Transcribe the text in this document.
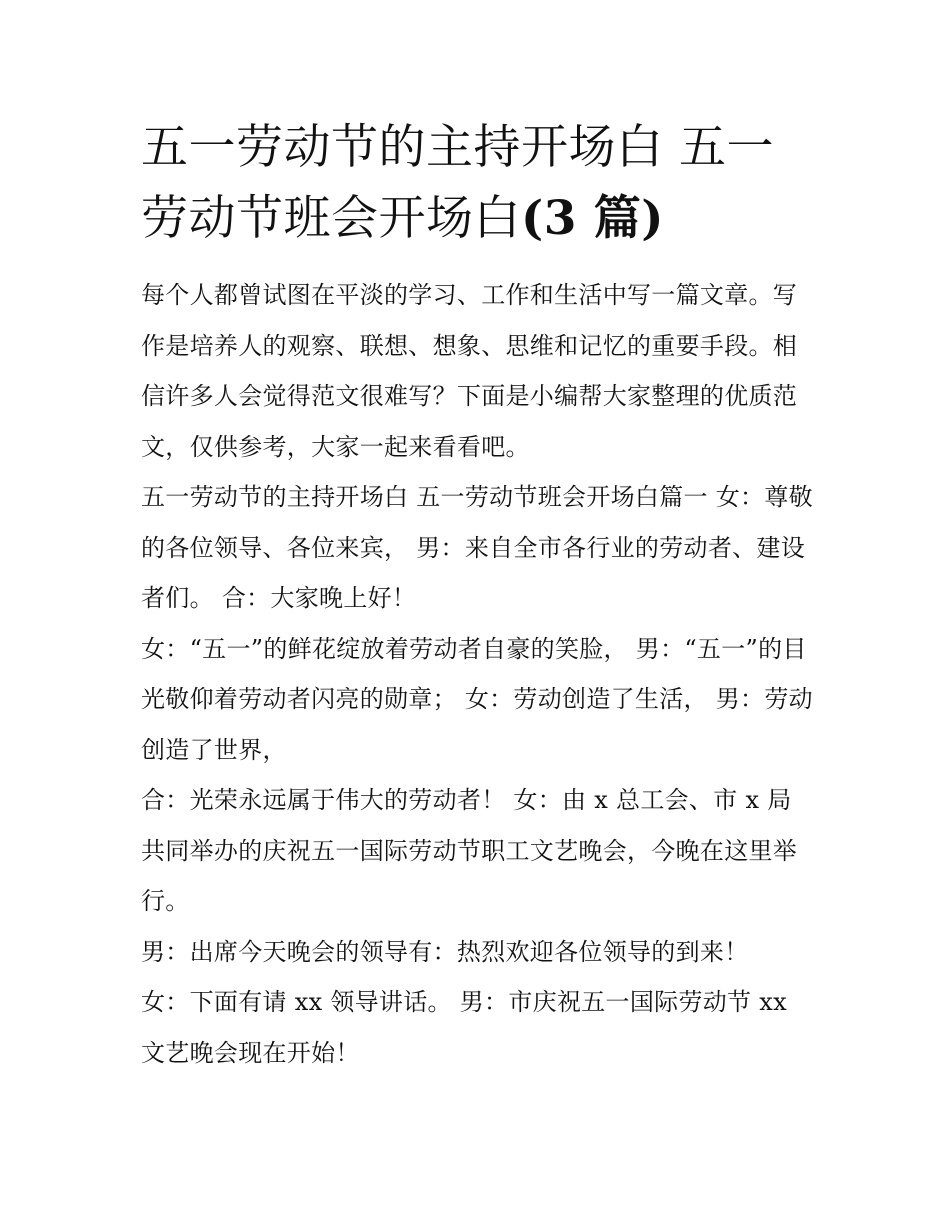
五一劳动节的主持开场白 五一劳动节班会开场白(3 篇)

每个人都曾试图在平淡的学习、工作和生活中写一篇文章。写作是培养人的观察、联想、想象、思维和记忆的重要手段。相信许多人会觉得范文很难写？下面是小编帮大家整理的优质范文，仅供参考，大家一起来看看吧。

五一劳动节的主持开场白 五一劳动节班会开场白篇一 女：尊敬的各位领导、各位来宾， 男：来自全市各行业的劳动者、建设者们。 合：大家晚上好！

女：“五一”的鲜花绽放着劳动者自豪的笑脸， 男：“五一”的目光敬仰着劳动者闪亮的勋章； 女：劳动创造了生活， 男：劳动创造了世界，

合：光荣永远属于伟大的劳动者！ 女：由 x 总工会、市 x 局共同举办的庆祝五一国际劳动节职工文艺晚会，今晚在这里举行。

男：出席今天晚会的领导有：热烈欢迎各位领导的到来！

女：下面有请 xx 领导讲话。 男：市庆祝五一国际劳动节 xx 文艺晚会现在开始！
